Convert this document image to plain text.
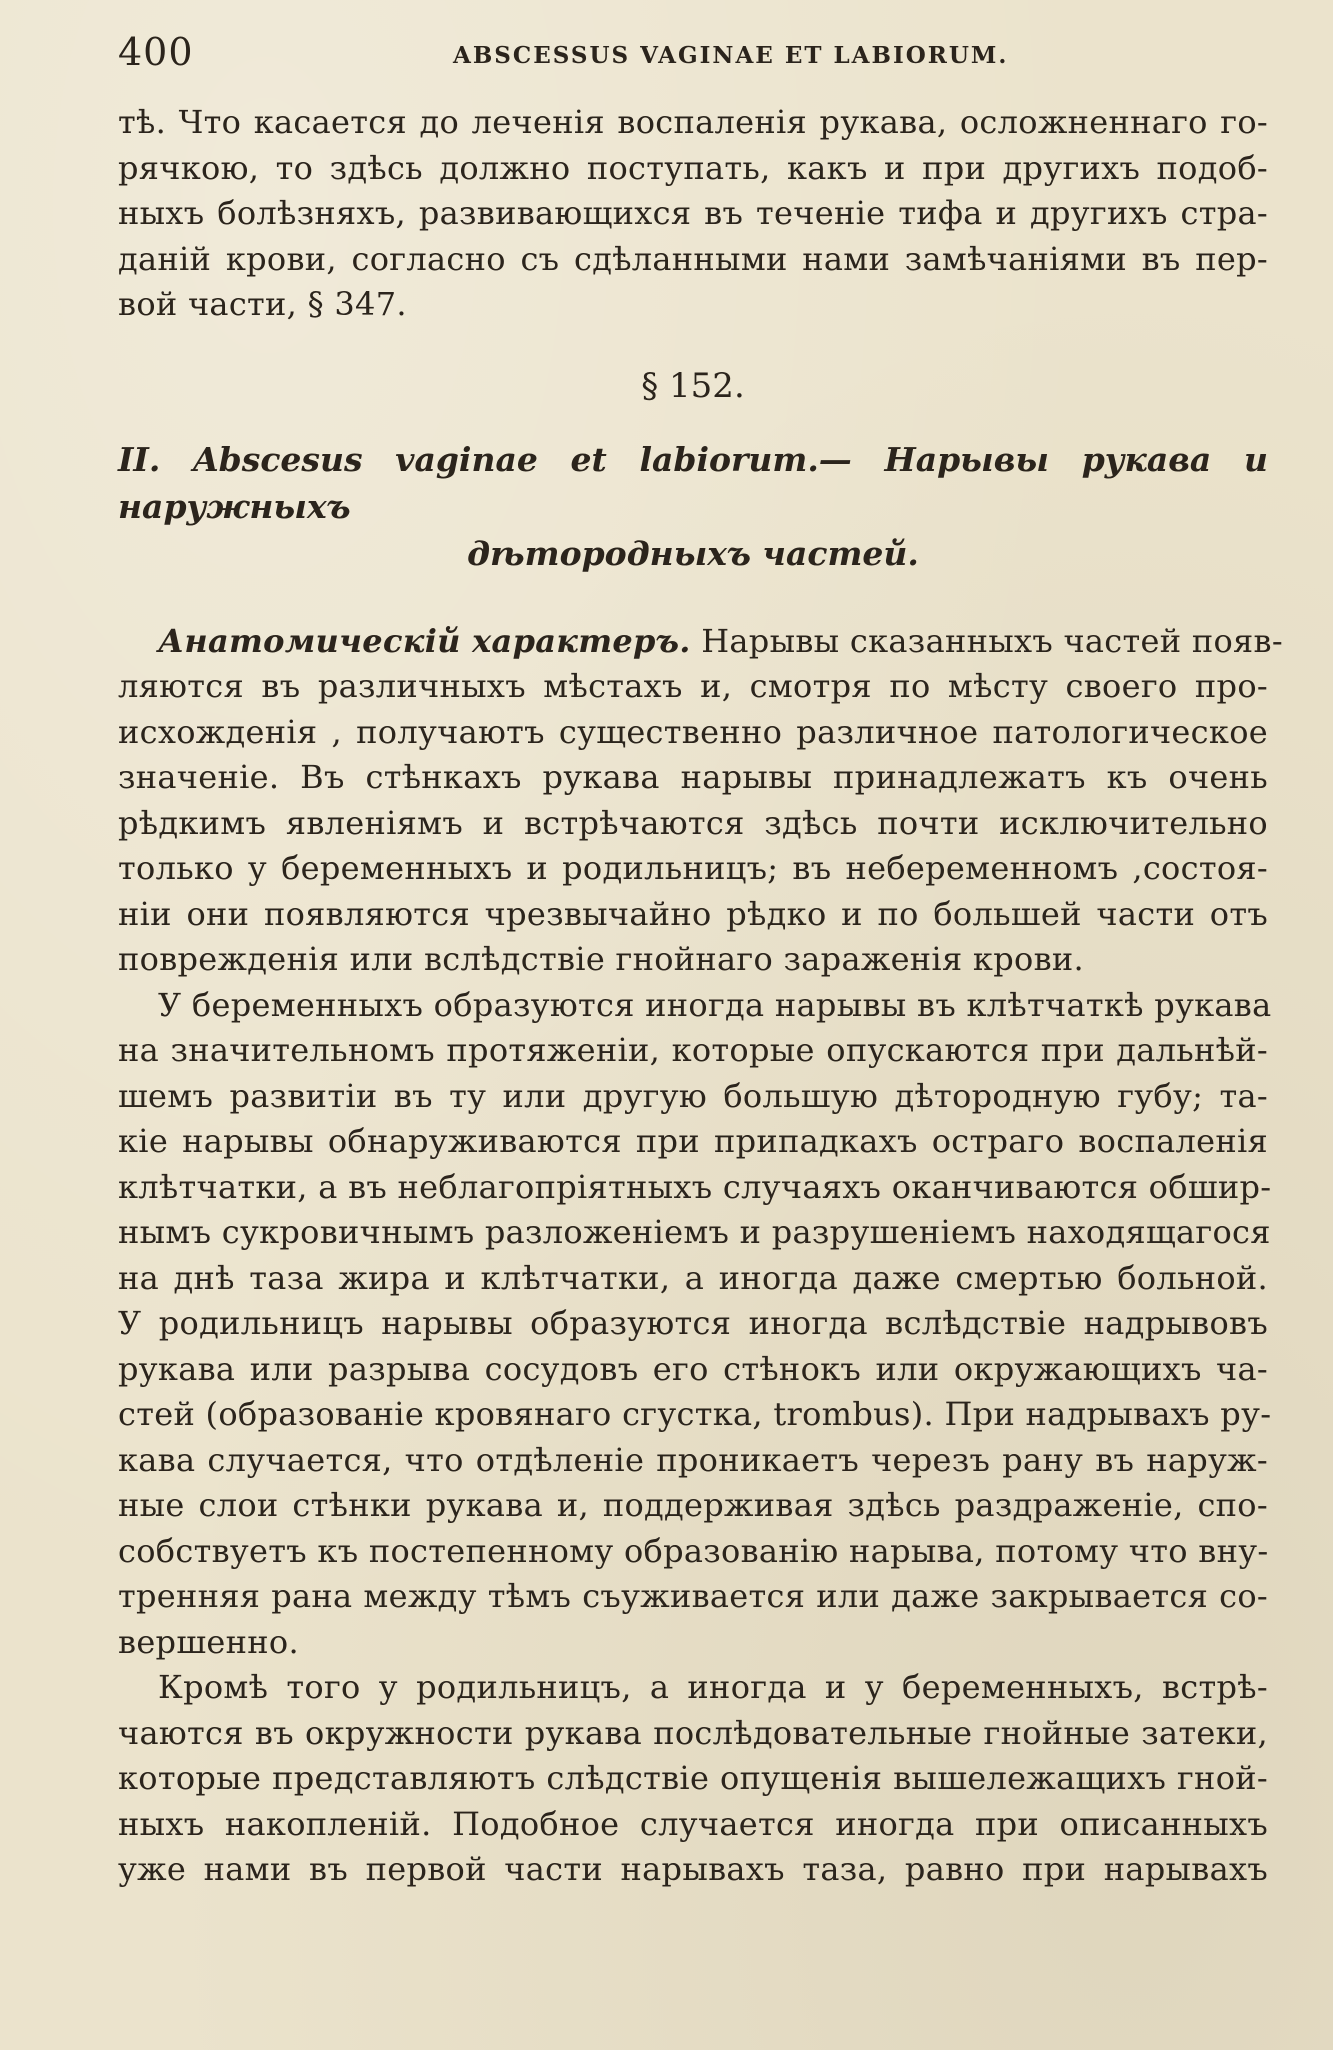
400	ABSCESSUS VAGINAE ET LABIORUM.
тѣ. Что касается до леченія воспаленія рукава, осложненнаго го-
рячкою, то здѣсь должно поступать, какъ и при другихъ подоб-
ныхъ болѣзняхъ, развивающихся въ теченіе тифа и другихъ стра-
даній крови, согласно съ сдѣланными нами замѣчаніями въ пер-
вой части, § 347.
§ 152.
II. Abscesus vaginae et labiorum.— Нарывы рукава и наружныхъ
дѣтородныхъ частей.
Анатомическій характеръ. Нарывы сказанныхъ частей появ-
ляются въ различныхъ мѣстахъ и, смотря по мѣсту своего про-
исхожденія , получаютъ существенно различное патологическое
значеніе. Въ стѣнкахъ рукава нарывы принадлежатъ къ очень
рѣдкимъ явленіямъ и встрѣчаются здѣсь почти исключительно
только у беременныхъ и родильницъ; въ небеременномъ ,состоя-
ніи они появляются чрезвычайно рѣдко и по большей части отъ
поврежденія или вслѣдствіе гнойнаго зараженія крови.
У беременныхъ образуются иногда нарывы въ клѣтчаткѣ рукава
на значительномъ протяженіи, которые опускаются при дальнѣй-
шемъ развитіи въ ту или другую большую дѣтородную губу; та-
кіе нарывы обнаруживаются при припадкахъ остраго воспаленія
клѣтчатки, а въ неблагопріятныхъ случаяхъ оканчиваются обшир-
нымъ сукровичнымъ разложеніемъ и разрушеніемъ находящагося
на днѣ таза жира и клѣтчатки, а иногда даже смертью больной.
У родильницъ нарывы образуются иногда вслѣдствіе надрывовъ
рукава или разрыва сосудовъ его стѣнокъ или окружающихъ ча-
стей (образованіе кровянаго сгустка, trombus). При надрывахъ ру-
кава случается, что отдѣленіе проникаетъ черезъ рану въ наруж-
ные слои стѣнки рукава и, поддерживая здѣсь раздраженіе, спо-
собствуетъ къ постепенному образованію нарыва, потому что вну-
тренняя рана между тѣмъ съуживается или даже закрывается со-
вершенно.
Кромѣ того у родильницъ, а иногда и у беременныхъ, встрѣ-
чаются въ окружности рукава послѣдовательные гнойные затеки,
которые представляютъ слѣдствіе опущенія вышележащихъ гной-
ныхъ накопленій. Подобное случается иногда при описанныхъ
уже нами въ первой части нарывахъ таза, равно при нарывахъ
